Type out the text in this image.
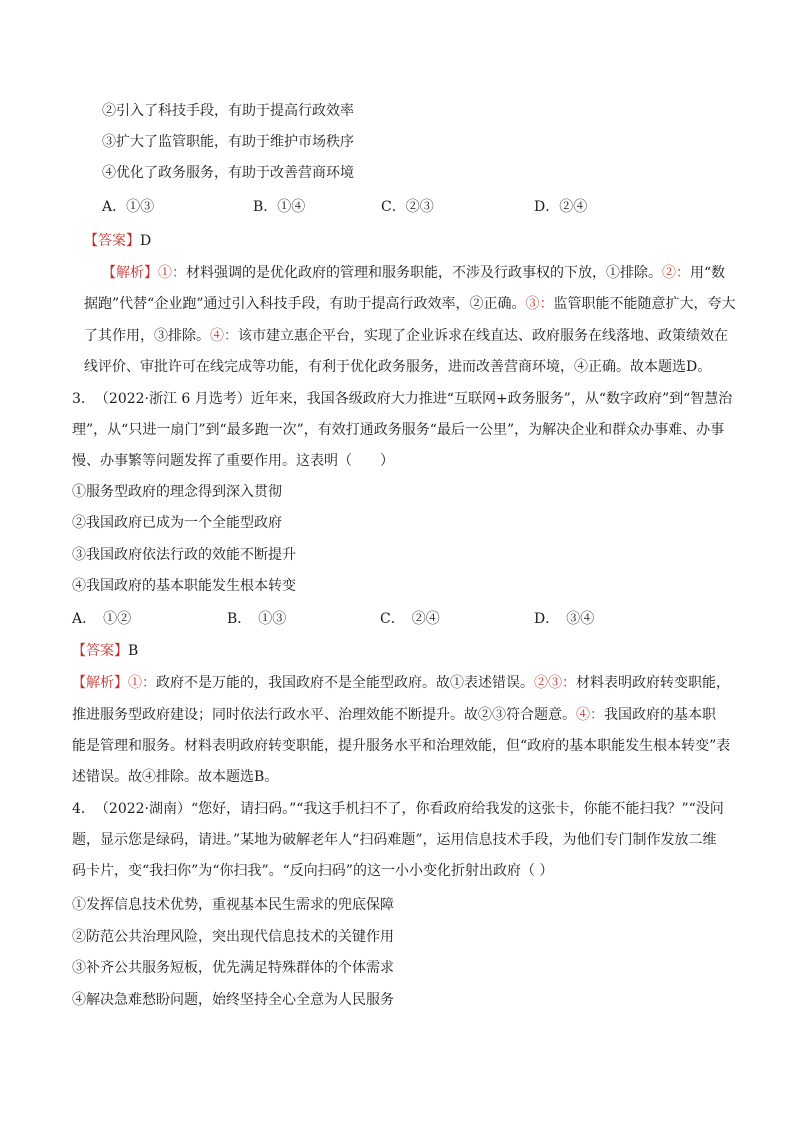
②引入了科技手段，有助于提高行政效率
③扩大了监管职能，有助于维护市场秩序
④优化了政务服务，有助于改善营商环境
A．①③	B．①④	C．②③	D．②④
【答案】D
【解析】①：材料强调的是优化政府的管理和服务职能，不涉及行政事权的下放，①排除。②：用“数
据跑”代替“企业跑”通过引入科技手段，有助于提高行政效率，②正确。③：监管职能不能随意扩大，夸大
了其作用，③排除。④：该市建立惠企平台，实现了企业诉求在线直达、政府服务在线落地、政策绩效在
线评价、审批许可在线完成等功能，有利于优化政务服务，进而改善营商环境，④正确。故本题选D。
3．　（2022·浙江 6 月选考）近年来，我国各级政府大力推进“互联网+政务服务”，从“数字政府”到“智慧治
理”，从“只进一扇门”到“最多跑一次”，有效打通政务服务“最后一公里”，为解决企业和群众办事难、办事
慢、办事繁等问题发挥了重要作用。这表明（　　）
①服务型政府的理念得到深入贯彻
②我国政府已成为一个全能型政府
③我国政府依法行政的效能不断提升
④我国政府的基本职能发生根本转变
A．　①②	B．　①③	C．　②④	D．　③④
【答案】B
【解析】①：政府不是万能的，我国政府不是全能型政府。故①表述错误。②③：材料表明政府转变职能，
推进服务型政府建设；同时依法行政水平、治理效能不断提升。故②③符合题意。④：我国政府的基本职
能是管理和服务。材料表明政府转变职能，提升服务水平和治理效能，但“政府的基本职能发生根本转变”表
述错误。故④排除。故本题选B。
4．　（2022·湖南）“您好，请扫码。”“我这手机扫不了，你看政府给我发的这张卡，你能不能扫我？”“没问
题，显示您是绿码，请进。”某地为破解老年人“扫码难题”，运用信息技术手段，为他们专门制作发放二维
码卡片，变“我扫你”为“你扫我”。“反向扫码”的这一小小变化折射出政府（ ）
①发挥信息技术优势，重视基本民生需求的兜底保障
②防范公共治理风险，突出现代信息技术的关键作用
③补齐公共服务短板，优先满足特殊群体的个体需求
④解决急难愁盼问题，始终坚持全心全意为人民服务
